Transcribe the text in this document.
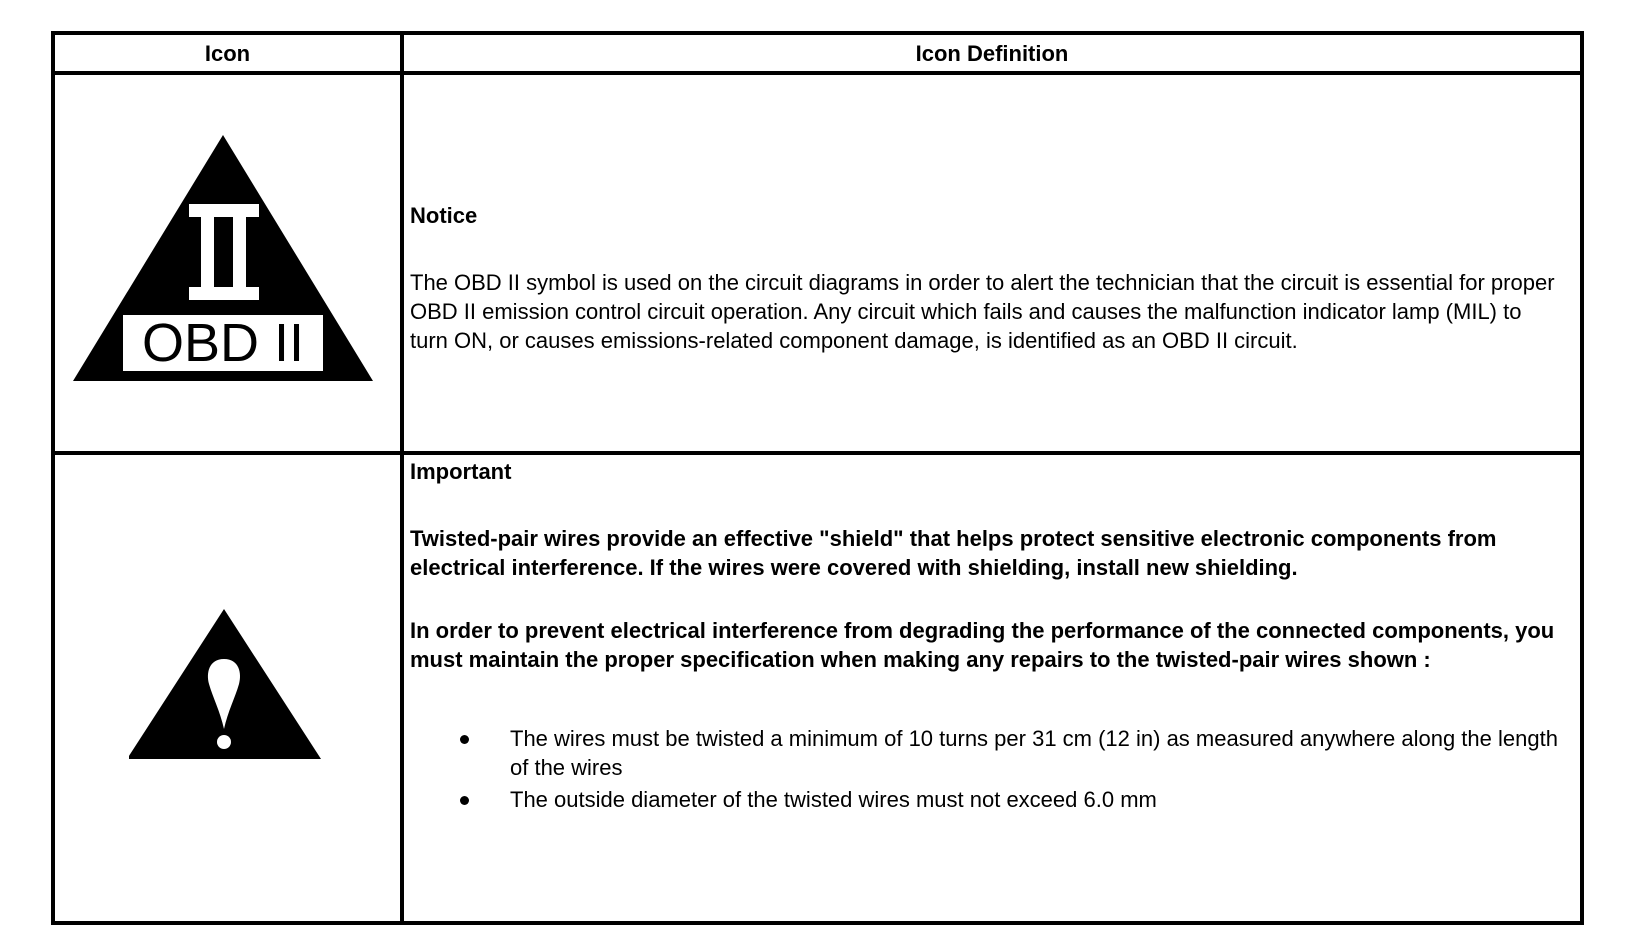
Icon	Icon Definition
OBD II

Notice

The OBD II symbol is used on the circuit diagrams in order to alert the technician that the circuit is essential for proper OBD II emission control circuit operation. Any circuit which fails and causes the malfunction indicator lamp (MIL) to turn ON, or causes emissions-related component damage, is identified as an OBD II circuit.

Important

Twisted-pair wires provide an effective "shield" that helps protect sensitive electronic components from electrical interference. If the wires were covered with shielding, install new shielding.

In order to prevent electrical interference from degrading the performance of the connected components, you must maintain the proper specification when making any repairs to the twisted-pair wires shown :

The wires must be twisted a minimum of 10 turns per 31 cm (12 in) as measured anywhere along the length of the wires
The outside diameter of the twisted wires must not exceed 6.0 mm
